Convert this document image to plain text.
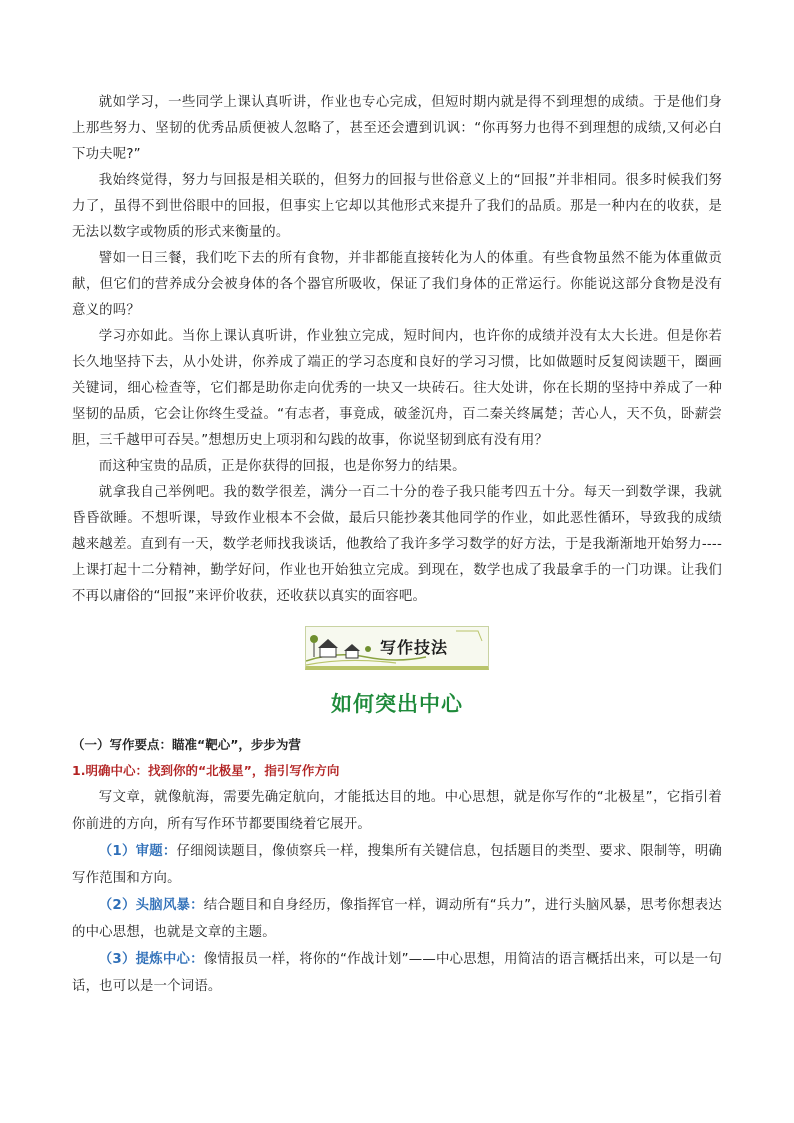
就如学习，一些同学上课认真听讲，作业也专心完成，但短时期内就是得不到理想的成绩。于是他们身上那些努力、坚韧的优秀品质便被人忽略了，甚至还会遭到讥讽：“你再努力也得不到理想的成绩,又何必白下功夫呢?”

我始终觉得，努力与回报是相关联的，但努力的回报与世俗意义上的“回报”并非相同。很多时候我们努力了，虽得不到世俗眼中的回报，但事实上它却以其他形式来提升了我们的品质。那是一种内在的收获，是无法以数字或物质的形式来衡量的。

譬如一日三餐，我们吃下去的所有食物，并非都能直接转化为人的体重。有些食物虽然不能为体重做贡献，但它们的营养成分会被身体的各个器官所吸收，保证了我们身体的正常运行。你能说这部分食物是没有意义的吗？

学习亦如此。当你上课认真听讲，作业独立完成，短时间内，也许你的成绩并没有太大长进。但是你若长久地坚持下去，从小处讲，你养成了端正的学习态度和良好的学习习惯，比如做题时反复阅读题干，圈画关键词，细心检查等，它们都是助你走向优秀的一块又一块砖石。往大处讲，你在长期的坚持中养成了一种坚韧的品质，它会让你终生受益。“有志者，事竟成，破釜沉舟，百二秦关终属楚；苦心人，天不负，卧薪尝胆，三千越甲可吞吴。”想想历史上项羽和勾践的故事，你说坚韧到底有没有用？

而这种宝贵的品质，正是你获得的回报，也是你努力的结果。

就拿我自己举例吧。我的数学很差，满分一百二十分的卷子我只能考四五十分。每天一到数学课，我就昏昏欲睡。不想听课，导致作业根本不会做，最后只能抄袭其他同学的作业，如此恶性循环，导致我的成绩越来越差。直到有一天，数学老师找我谈话，他教给了我许多学习数学的好方法，于是我渐渐地开始努力----上课打起十二分精神，勤学好问，作业也开始独立完成。到现在，数学也成了我最拿手的一门功课。让我们不再以庸俗的“回报”来评价收获，还收获以真实的面容吧。

写作技法
如何突出中心

（一）写作要点：瞄准“靶心”，步步为营

1.明确中心：找到你的“北极星”，指引写作方向

写文章，就像航海，需要先确定航向，才能抵达目的地。中心思想，就是你写作的“北极星”，它指引着你前进的方向，所有写作环节都要围绕着它展开。

（1）审题：仔细阅读题目，像侦察兵一样，搜集所有关键信息，包括题目的类型、要求、限制等，明确写作范围和方向。

（2）头脑风暴：结合题目和自身经历，像指挥官一样，调动所有“兵力”，进行头脑风暴，思考你想表达的中心思想，也就是文章的主题。

（3）提炼中心：像情报员一样，将你的“作战计划”——中心思想，用简洁的语言概括出来，可以是一句话，也可以是一个词语。
